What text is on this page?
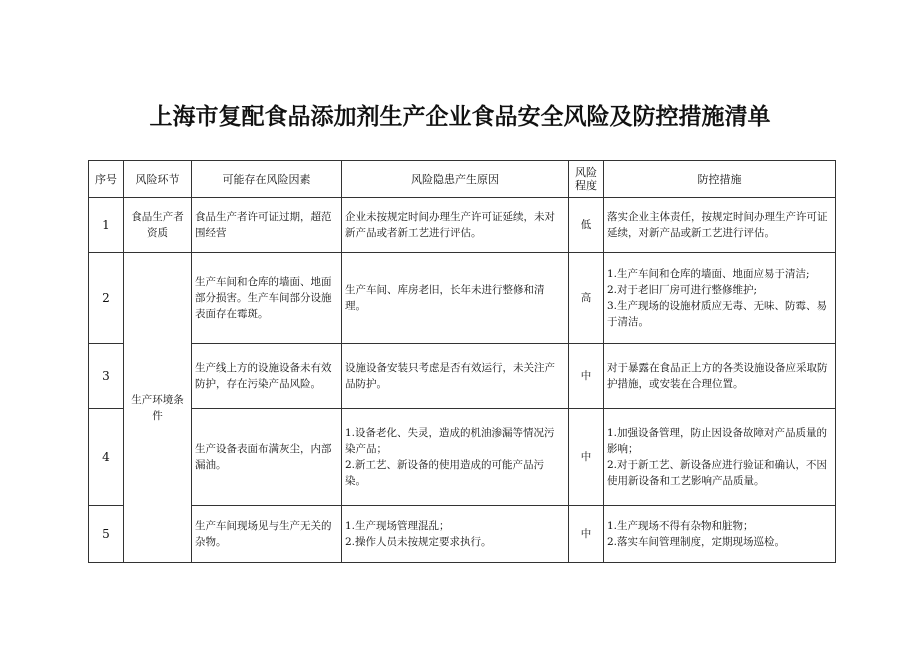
上海市复配食品添加剂生产企业食品安全风险及防控措施清单
序号	风险环节	可能存在风险因素	风险隐患产生原因	风险程度	防控措施
1	食品生产者资质	食品生产者许可证过期，超范围经营	企业未按规定时间办理生产许可证延续，未对新产品或者新工艺进行评估。	低	落实企业主体责任，按规定时间办理生产许可证延续，对新产品或新工艺进行评估。

2	生产环境条件	生产车间和仓库的墙面、地面部分损害。生产车间部分设施表面存在霉斑。	生产车间、库房老旧，长年未进行整修和清理。	高	1.生产车间和仓库的墙面、地面应易于清洁;
2.对于老旧厂房可进行整修维护;
3.生产现场的设施材质应无毒、无味、防霉、易于清洁。

3		生产线上方的设施设备未有效防护，存在污染产品风险。	设施设备安装只考虑是否有效运行，未关注产品防护。	中	对于暴露在食品正上方的各类设施设备应采取防护措施，或安装在合理位置。

4		生产设备表面布满灰尘，内部漏油。	1.设备老化、失灵，造成的机油渗漏等情况污染产品；
2.新工艺、新设备的使用造成的可能产品污染。	中	1.加强设备管理，防止因设备故障对产品质量的影响；
2.对于新工艺、新设备应进行验证和确认，不因使用新设备和工艺影响产品质量。

5		生产车间现场见与生产无关的杂物。	1.生产现场管理混乱；
2.操作人员未按规定要求执行。	中	1.生产现场不得有杂物和脏物；
2.落实车间管理制度，定期现场巡检。
